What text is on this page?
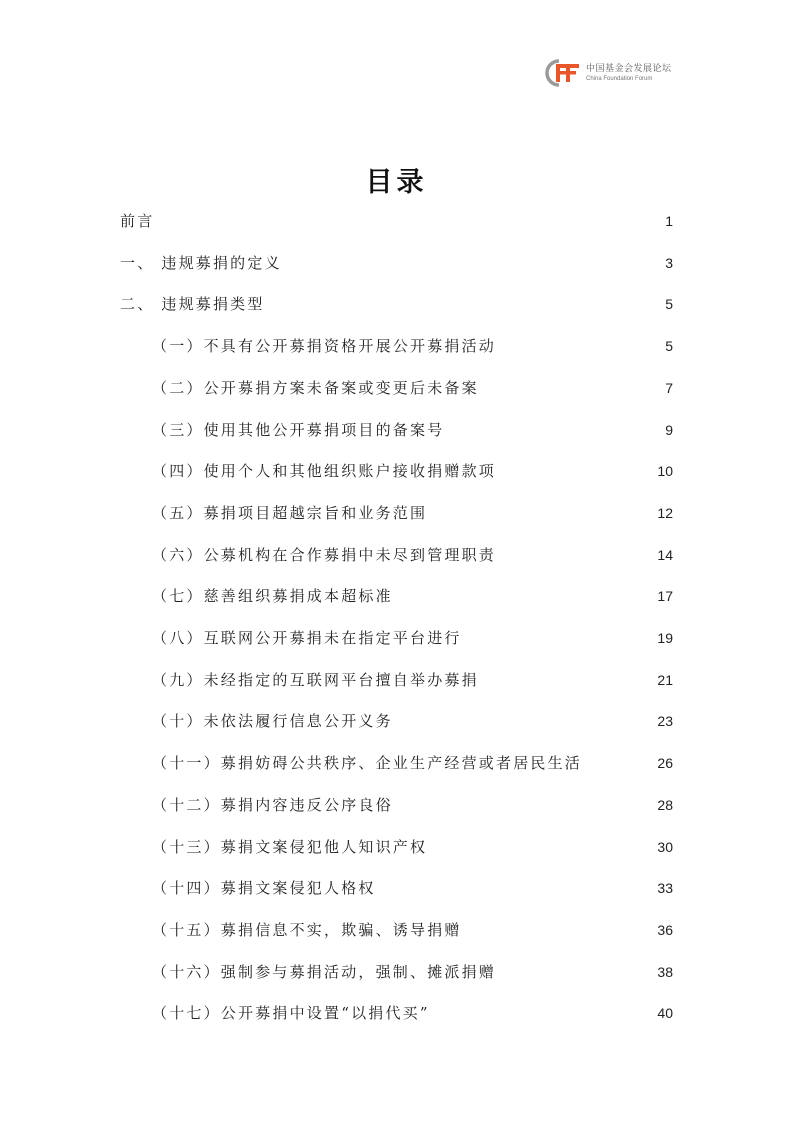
中国基金会发展论坛
China Foundation Forum
目录
前言	1
一、 违规募捐的定义	3
二、 违规募捐类型	5
（一）不具有公开募捐资格开展公开募捐活动	5
（二）公开募捐方案未备案或变更后未备案	7
（三）使用其他公开募捐项目的备案号	9
（四）使用个人和其他组织账户接收捐赠款项	10
（五）募捐项目超越宗旨和业务范围	12
（六）公募机构在合作募捐中未尽到管理职责	14
（七）慈善组织募捐成本超标准	17
（八）互联网公开募捐未在指定平台进行	19
（九）未经指定的互联网平台擅自举办募捐	21
（十）未依法履行信息公开义务	23
（十一）募捐妨碍公共秩序、企业生产经营或者居民生活	26
（十二）募捐内容违反公序良俗	28
（十三）募捐文案侵犯他人知识产权	30
（十四）募捐文案侵犯人格权	33
（十五）募捐信息不实，欺骗、诱导捐赠	36
（十六）强制参与募捐活动，强制、摊派捐赠	38
（十七）公开募捐中设置“以捐代买”	40
